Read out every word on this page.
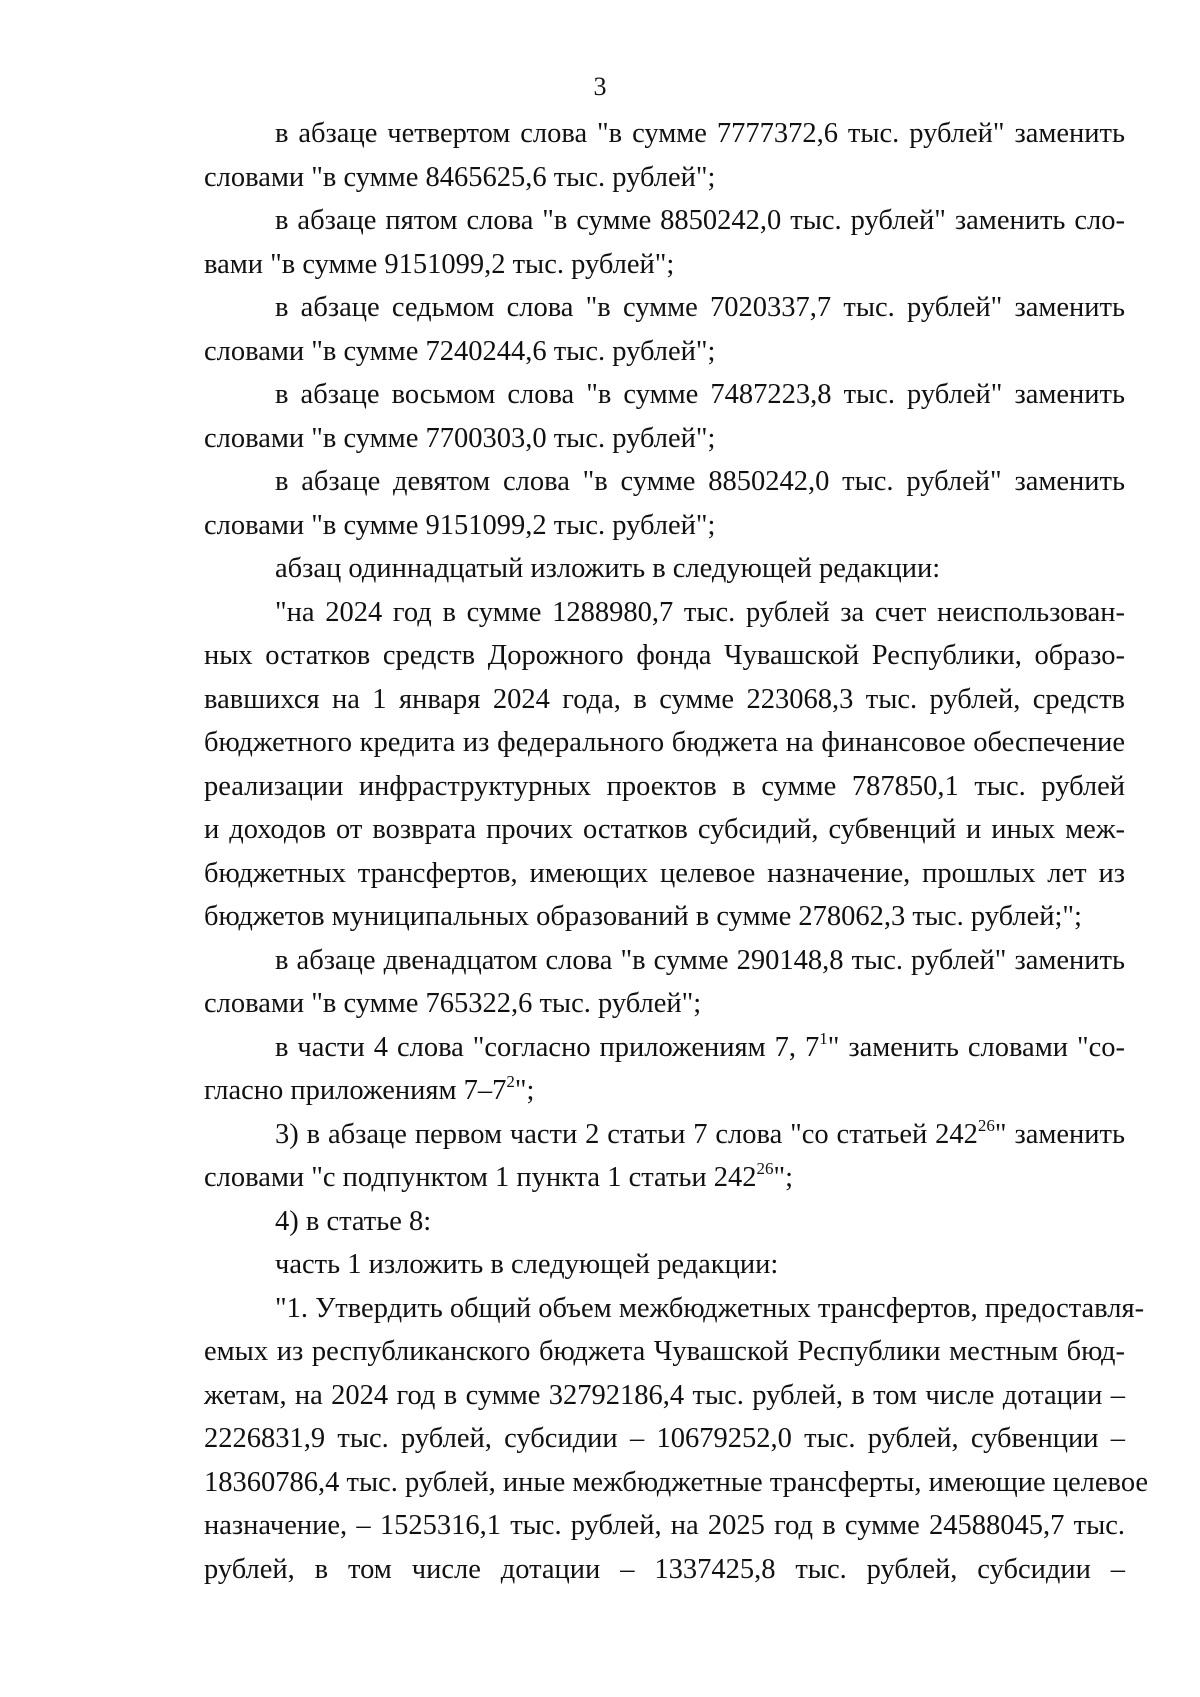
3
в абзаце четвертом слова "в сумме 7777372,6 тыс. рублей" заменить
словами "в сумме 8465625,6 тыс. рублей";
в абзаце пятом слова "в сумме 8850242,0 тыс. рублей" заменить сло-
вами "в сумме 9151099,2 тыс. рублей";
в абзаце седьмом слова "в сумме 7020337,7 тыс. рублей" заменить
словами "в сумме 7240244,6 тыс. рублей";
в абзаце восьмом слова "в сумме 7487223,8 тыс. рублей" заменить
словами "в сумме 7700303,0 тыс. рублей";
в абзаце девятом слова "в сумме 8850242,0 тыс. рублей" заменить
словами "в сумме 9151099,2 тыс. рублей";
абзац одиннадцатый изложить в следующей редакции:
"на 2024 год в сумме 1288980,7 тыс. рублей за счет неиспользован-
ных остатков средств Дорожного фонда Чувашской Республики, образо-
вавшихся на 1 января 2024 года, в сумме 223068,3 тыс. рублей, средств
бюджетного кредита из федерального бюджета на финансовое обеспечение
реализации инфраструктурных проектов в сумме 787850,1 тыс. рублей
и доходов от возврата прочих остатков субсидий, субвенций и иных меж-
бюджетных трансфертов, имеющих целевое назначение, прошлых лет из
бюджетов муниципальных образований в сумме 278062,3 тыс. рублей;";
в абзаце двенадцатом слова "в сумме 290148,8 тыс. рублей" заменить
словами "в сумме 765322,6 тыс. рублей";
в части 4 слова "согласно приложениям 7, $7^1$" заменить словами "со-
гласно приложениям $7-7^2$";
3) в абзаце первом части 2 статьи 7 слова "со статьей $242^{26}$" заменить
словами "с подпунктом 1 пункта 1 статьи $242^{26}$";
4) в статье 8:
часть 1 изложить в следующей редакции:
"1. Утвердить общий объем межбюджетных трансфертов, предоставля-
емых из республиканского бюджета Чувашской Республики местным бюд-
жетам, на 2024 год в сумме 32792186,4 тыс. рублей, в том числе дотации –
2226831,9 тыс. рублей, субсидии – 10679252,0 тыс. рублей, субвенции –
18360786,4 тыс. рублей, иные межбюджетные трансферты, имеющие целевое
назначение, – 1525316,1 тыс. рублей, на 2025 год в сумме 24588045,7 тыс.
рублей, в том числе дотации – 1337425,8 тыс. рублей, субсидии –
